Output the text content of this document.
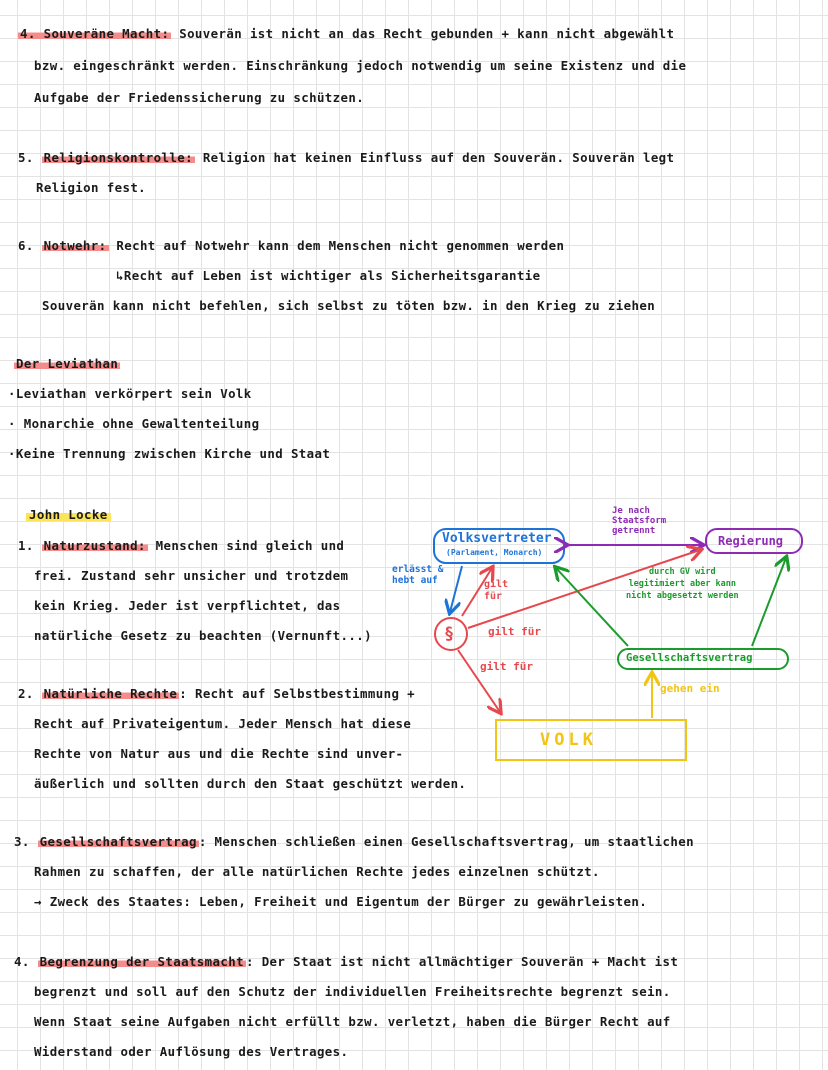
4. Souveräne Macht: Souverän ist nicht an das Recht gebunden + kann nicht abgewählt
bzw. eingeschränkt werden. Einschränkung jedoch notwendig um seine Existenz und die
Aufgabe der Friedenssicherung zu schützen.
5. Religionskontrolle: Religion hat keinen Einfluss auf den Souverän. Souverän legt
Religion fest.
6. Notwehr: Recht auf Notwehr kann dem Menschen nicht genommen werden
↳Recht auf Leben ist wichtiger als Sicherheitsgarantie
Souverän kann nicht befehlen, sich selbst zu töten bzw. in den Krieg zu ziehen
Der Leviathan
·Leviathan verkörpert sein Volk
· Monarchie ohne Gewaltenteilung
·Keine Trennung zwischen Kirche und Staat
John Locke
1. Naturzustand: Menschen sind gleich und
frei. Zustand sehr unsicher und trotzdem
kein Krieg. Jeder ist verpflichtet, das
natürliche Gesetz zu beachten (Vernunft...)
2. Natürliche Rechte : Recht auf Selbstbestimmung +
Recht auf Privateigentum. Jeder Mensch hat diese
Rechte von Natur aus und die Rechte sind unver-
äußerlich und sollten durch den Staat geschützt werden.
3. Gesellschaftsvertrag : Menschen schließen einen Gesellschaftsvertrag, um staatlichen
Rahmen zu schaffen, der alle natürlichen Rechte jedes einzelnen schützt.
→ Zweck des Staates: Leben, Freiheit und Eigentum der Bürger zu gewährleisten.
4. Begrenzung der Staatsmacht : Der Staat ist nicht allmächtiger Souverän + Macht ist
begrenzt und soll auf den Schutz der individuellen Freiheitsrechte begrenzt sein.
Wenn Staat seine Aufgaben nicht erfüllt bzw. verletzt, haben die Bürger Recht auf
Widerstand oder Auflösung des Vertrages.
Volksvertreter
(Parlament, Monarch)
Regierung
Je nach
Staatsform
getrennt
erlässt &
hebt auf
§
gilt
für
gilt für
gilt für
durch GV wird
legitimiert aber kann
nicht abgesetzt werden
Gesellschaftsvertrag
gehen ein
VOLK
